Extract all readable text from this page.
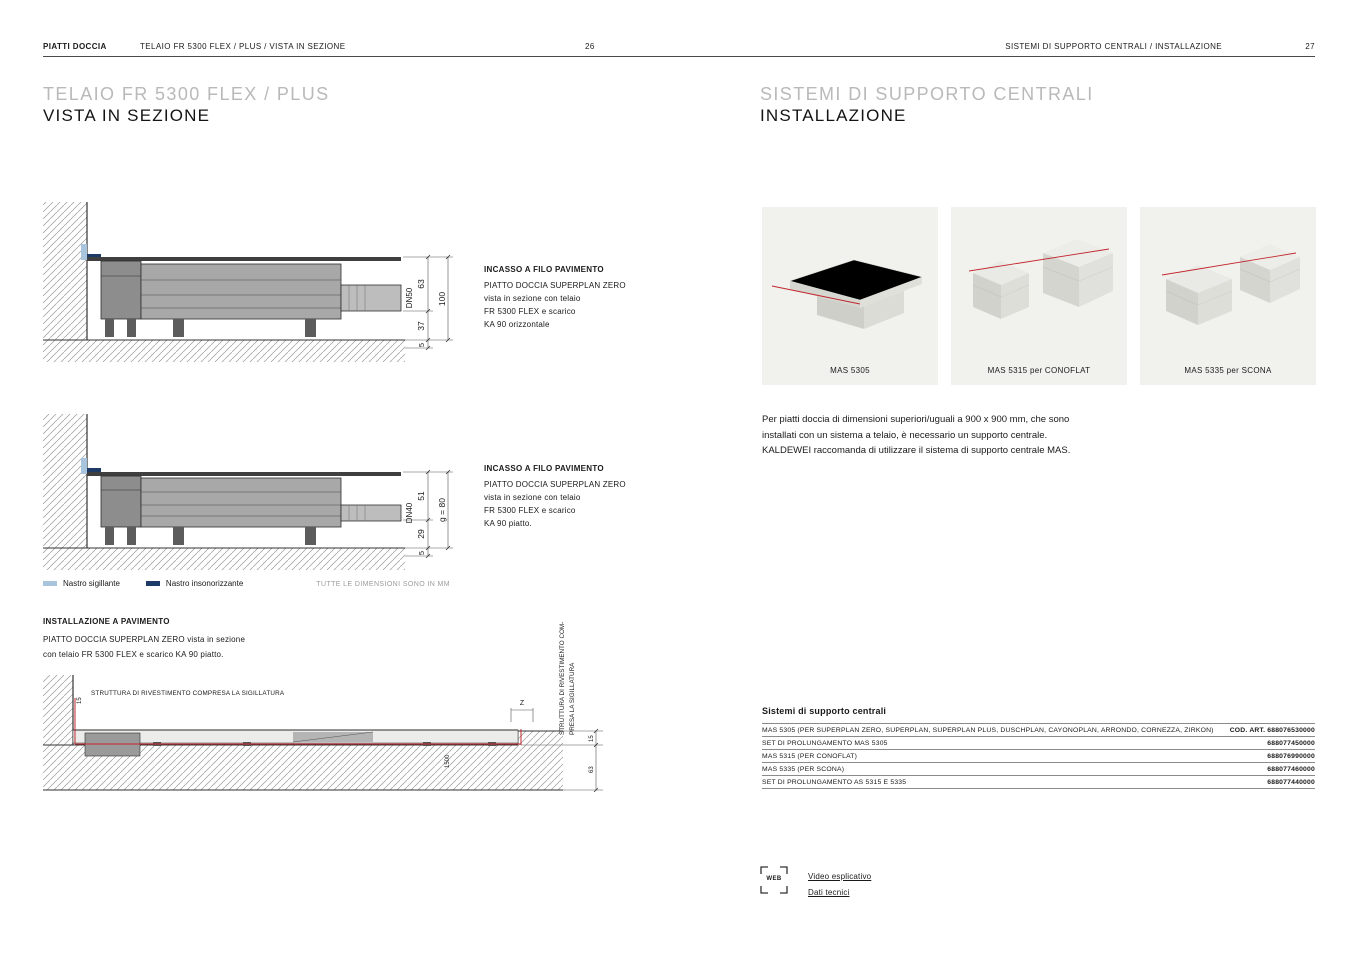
PIATTI DOCCIA	TELAIO FR 5300 FLEX / PLUS / VISTA IN SEZIONE	26	SISTEMI DI SUPPORTO CENTRALI / INSTALLAZIONE	27
TELAIO FR 5300 FLEX / PLUS
VISTA IN SEZIONE
63
37
5
100
DN50
INCASSO A FILO PAVIMENTO
PIATTO DOCCIA SUPERPLAN ZERO
vista in sezione con telaio
FR 5300 FLEX e scarico
KA 90 orizzontale
51
29
5
g = 80
DN40
INCASSO A FILO PAVIMENTO
PIATTO DOCCIA SUPERPLAN ZERO
vista in sezione con telaio
FR 5300 FLEX e scarico
KA 90 piatto.
Nastro sigillante	Nastro insonorizzante	TUTTE LE DIMENSIONI SONO IN MM
INSTALLAZIONE A PAVIMENTO
PIATTO DOCCIA SUPERPLAN ZERO vista in sezione
con telaio FR 5300 FLEX e scarico KA 90 piatto.
Z
15
STRUTTURA DI RIVESTIMENTO COMPRESA LA SIGILLATURA
1500
STRUTTURA DI RIVESTIMENTO COM- PRESA LA SIGILLATURA
15
63
SISTEMI DI SUPPORTO CENTRALI
INSTALLAZIONE
MAS 5305	MAS 5315 per CONOFLAT	MAS 5335 per SCONA
Per piatti doccia di dimensioni superiori/uguali a 900 x 900 mm, che sono installati con un sistema a telaio, è necessario un supporto centrale. KALDEWEI raccomanda di utilizzare il sistema di supporto centrale MAS.
Sistemi di supporto centrali
MAS 5305 (PER SUPERPLAN ZERO, SUPERPLAN, SUPERPLAN PLUS, DUSCHPLAN, CAYONOPLAN, ARRONDO, CORNEZZA, ZIRKON) COD. ART. 688076530000
SET DI PROLUNGAMENTO MAS 5305	688077450000
MAS 5315 (PER CONOFLAT)	688076990000
MAS 5335 (PER SCONA)	688077460000
SET DI PROLUNGAMENTO AS 5315 E 5335	688077440000
WEB	Video esplicativo
Dati tecnici
